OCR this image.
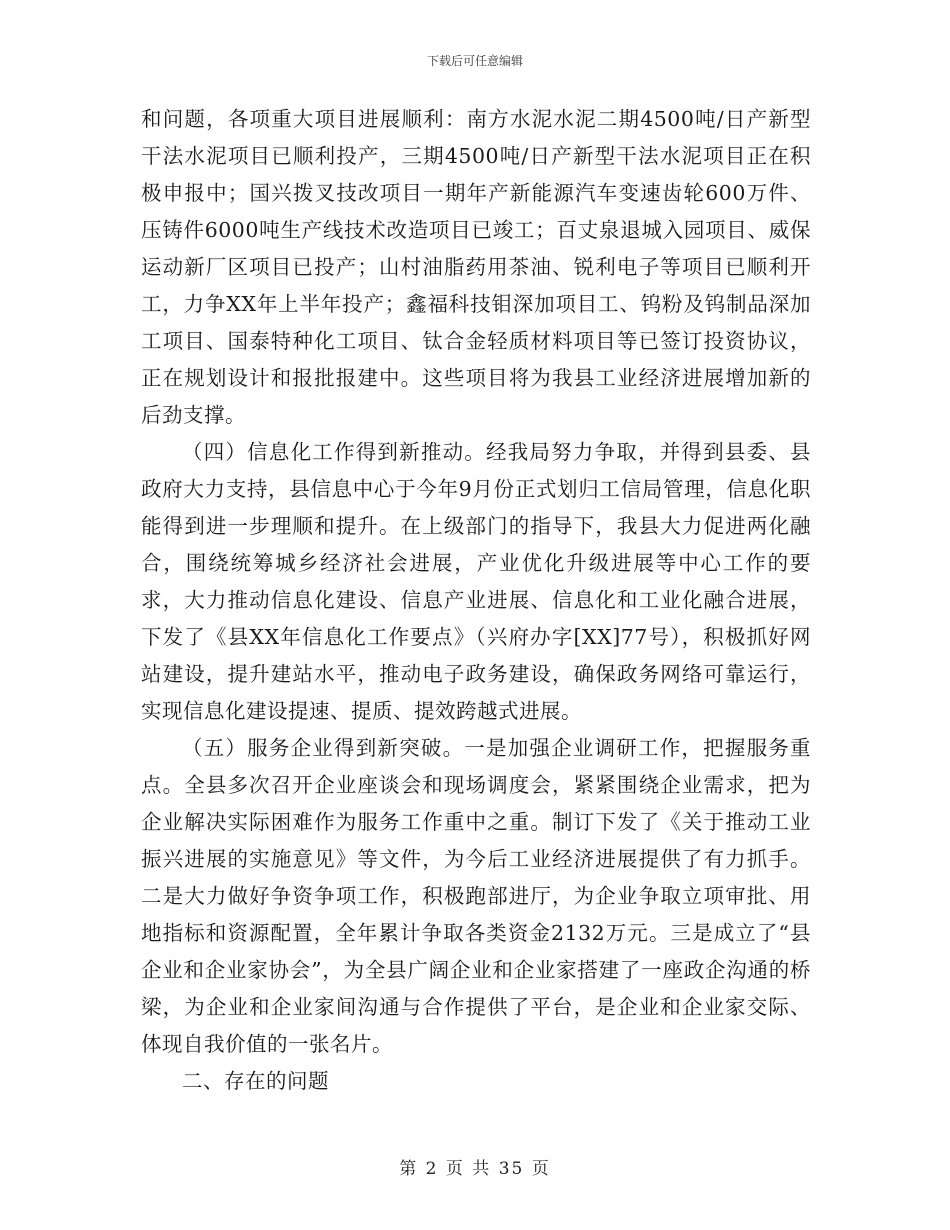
下载后可任意编辑

和问题，各项重大项目进展顺利：南方水泥水泥二期4500吨/日产新型干法水泥项目已顺利投产，三期4500吨/日产新型干法水泥项目正在积极申报中；国兴拨叉技改项目一期年产新能源汽车变速齿轮600万件、压铸件6000吨生产线技术改造项目已竣工；百丈泉退城入园项目、威保运动新厂区项目已投产；山村油脂药用茶油、锐利电子等项目已顺利开工，力争XX年上半年投产；鑫福科技钼深加项目工、钨粉及钨制品深加工项目、国泰特种化工项目、钛合金轻质材料项目等已签订投资协议，正在规划设计和报批报建中。这些项目将为我县工业经济进展增加新的后劲支撑。

（四）信息化工作得到新推动。经我局努力争取，并得到县委、县政府大力支持，县信息中心于今年9月份正式划归工信局管理，信息化职能得到进一步理顺和提升。在上级部门的指导下，我县大力促进两化融合，围绕统筹城乡经济社会进展，产业优化升级进展等中心工作的要求，大力推动信息化建设、信息产业进展、信息化和工业化融合进展，下发了《县XX年信息化工作要点》（兴府办字[XX]77号），积极抓好网站建设，提升建站水平，推动电子政务建设，确保政务网络可靠运行，实现信息化建设提速、提质、提效跨越式进展。

（五）服务企业得到新突破。一是加强企业调研工作，把握服务重点。全县多次召开企业座谈会和现场调度会，紧紧围绕企业需求，把为企业解决实际困难作为服务工作重中之重。制订下发了《关于推动工业振兴进展的实施意见》等文件，为今后工业经济进展提供了有力抓手。二是大力做好争资争项工作，积极跑部进厅，为企业争取立项审批、用地指标和资源配置，全年累计争取各类资金2132万元。三是成立了“县企业和企业家协会”，为全县广阔企业和企业家搭建了一座政企沟通的桥梁，为企业和企业家间沟通与合作提供了平台，是企业和企业家交际、体现自我价值的一张名片。

二、存在的问题

第 2 页 共 35 页
